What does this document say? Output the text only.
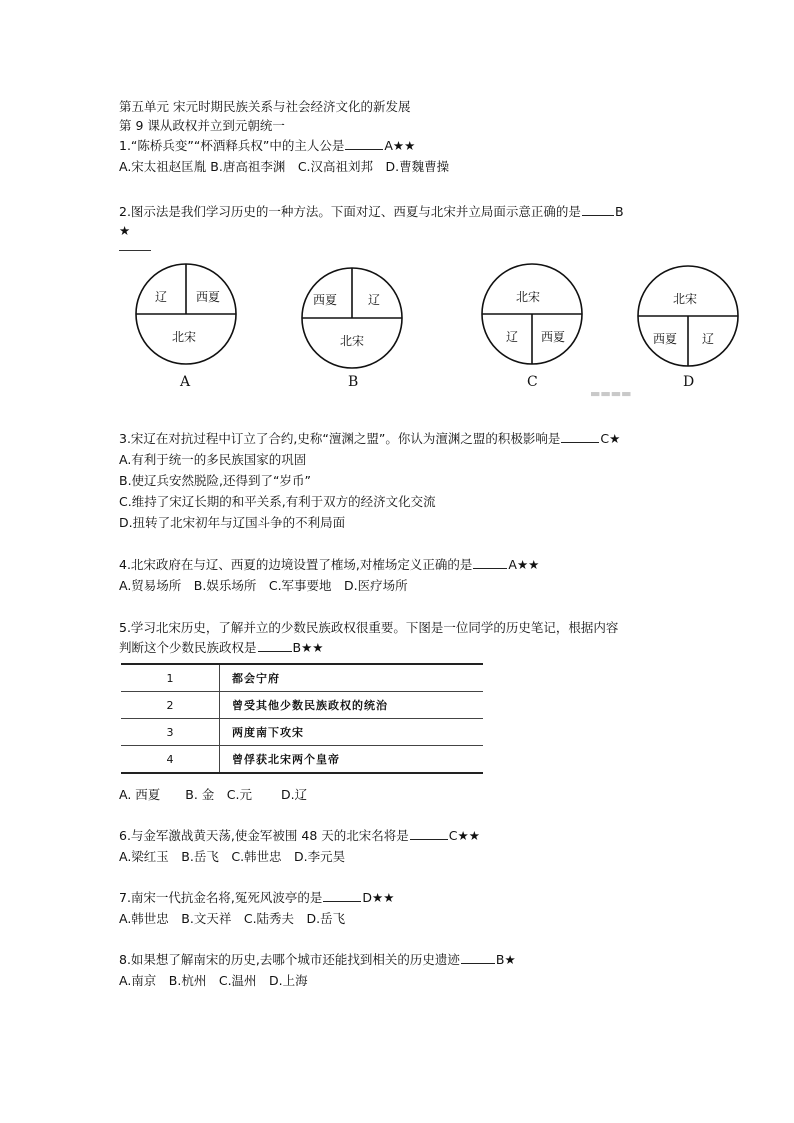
第五单元 宋元时期民族关系与社会经济文化的新发展
第 9 课从政权并立到元朝统一
1.“陈桥兵变”“杯酒释兵权”中的主人公是	A★★
A.宋太祖赵匡胤 B.唐高祖李渊　C.汉高祖刘邦　D.曹魏曹操
2.图示法是我们学习历史的一种方法。下面对辽、西夏与北宋并立局面示意正确的是	B
★
▬▬▬▬
辽 西夏
北宋
A
西夏	辽
北宋
B
北宋
辽 西夏
C
北宋
西夏 辽
D
3.宋辽在对抗过程中订立了合约,史称“澶渊之盟”。你认为澶渊之盟的积极影响是	C★
A.有利于统一的多民族国家的巩固
B.使辽兵安然脱险,还得到了“岁币”
C.维持了宋辽长期的和平关系,有利于双方的经济文化交流
D.扭转了北宋初年与辽国斗争的不利局面
4.北宋政府在与辽、西夏的边境设置了榷场,对榷场定义正确的是	A★★
A.贸易场所　B.娱乐场所　C.军事要地　D.医疗场所
5.学习北宋历史，了解并立的少数民族政权很重要。下图是一位同学的历史笔记，根据内容
判断这个少数民族政权是	B★★
1	都会宁府
2	曾受其他少数民族政权的统治
3	两度南下攻宋
4	曾俘获北宋两个皇帝
A. 西夏　　B. 金　C.元　　 D.辽
6.与金军激战黄天荡,使金军被围 48 天的北宋名将是	C★★
A.梁红玉　B.岳飞　C.韩世忠　D.李元昊
7.南宋一代抗金名将,冤死风波亭的是	D★★
A.韩世忠　B.文天祥　C.陆秀夫　D.岳飞
8.如果想了解南宋的历史,去哪个城市还能找到相关的历史遗迹	B★
A.南京　B.杭州　C.温州　D.上海
